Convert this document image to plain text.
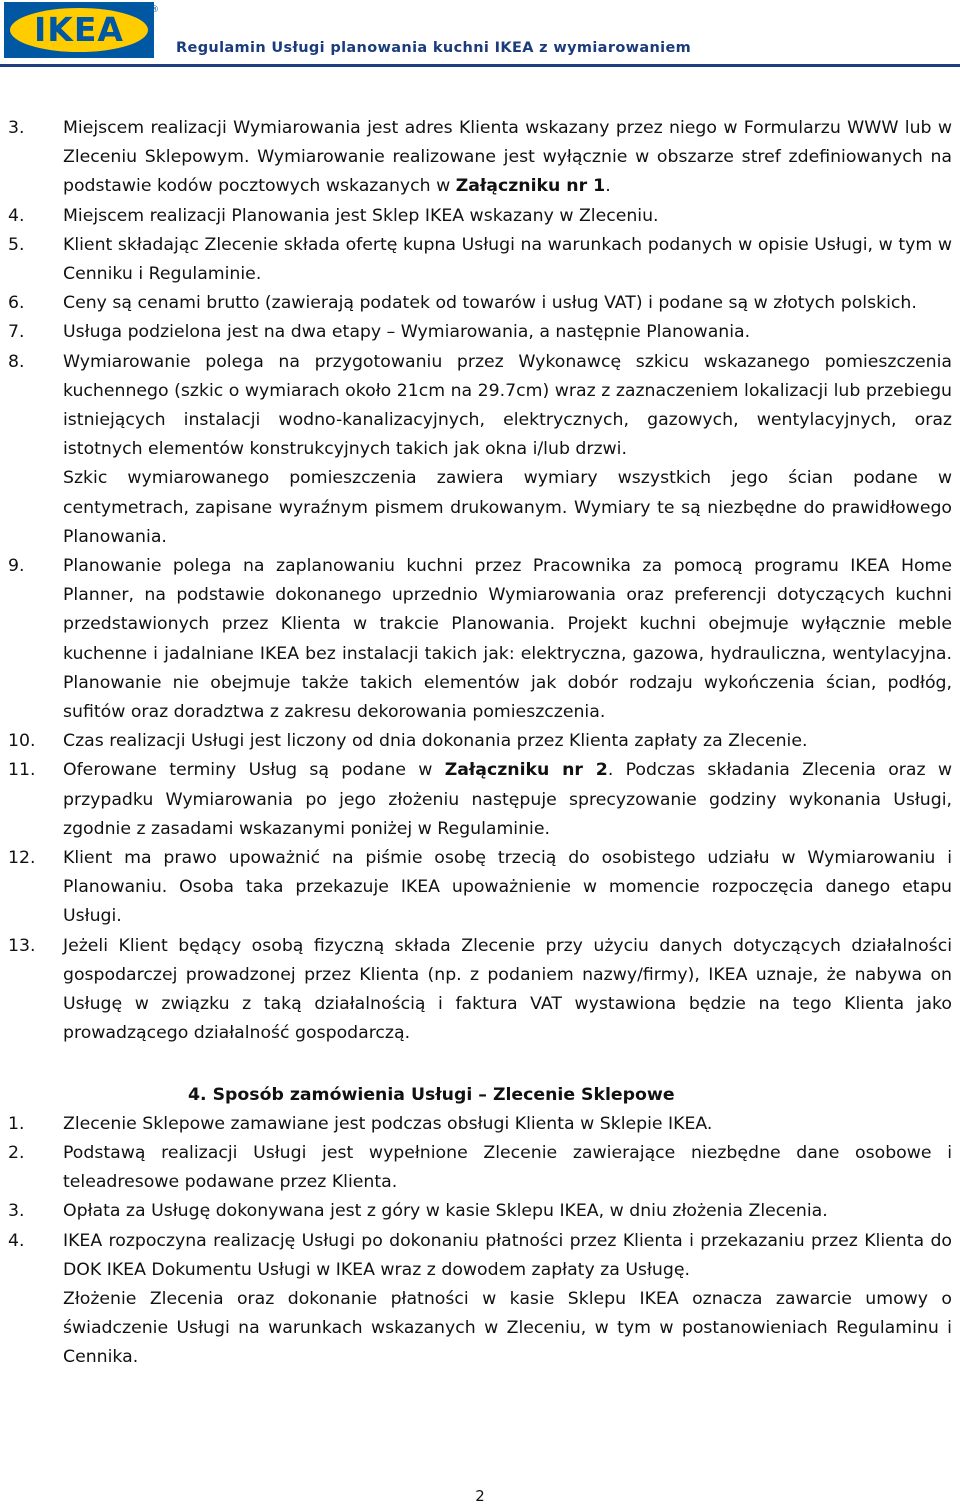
IKEA	®
Regulamin Usługi planowania kuchni IKEA z wymiarowaniem
3. Miejscem realizacji Wymiarowania jest adres Klienta wskazany przez niego w Formularzu WWW lub w Zleceniu Sklepowym. Wymiarowanie realizowane jest wyłącznie w obszarze stref zdefiniowanych na podstawie kodów pocztowych wskazanych w Załączniku nr 1.

4. Miejscem realizacji Planowania jest Sklep IKEA wskazany w Zleceniu.

5. Klient składając Zlecenie składa ofertę kupna Usługi na warunkach podanych w opisie Usługi, w tym w Cenniku i Regulaminie.

6. Ceny są cenami brutto (zawierają podatek od towarów i usług VAT) i podane są w złotych polskich.

7. Usługa podzielona jest na dwa etapy – Wymiarowania, a następnie Planowania.

8. Wymiarowanie polega na przygotowaniu przez Wykonawcę szkicu wskazanego pomieszczenia kuchennego (szkic o wymiarach około 21cm na 29.7cm) wraz z zaznaczeniem lokalizacji lub przebiegu istniejących instalacji wodno-kanalizacyjnych, elektrycznych, gazowych, wentylacyjnych, oraz istotnych elementów konstrukcyjnych takich jak okna i/lub drzwi.

Szkic wymiarowanego pomieszczenia zawiera wymiary wszystkich jego ścian podane w centymetrach, zapisane wyraźnym pismem drukowanym. Wymiary te są niezbędne do prawidłowego Planowania.

9. Planowanie polega na zaplanowaniu kuchni przez Pracownika za pomocą programu IKEA Home Planner, na podstawie dokonanego uprzednio Wymiarowania oraz preferencji dotyczących kuchni przedstawionych przez Klienta w trakcie Planowania. Projekt kuchni obejmuje wyłącznie meble kuchenne i jadalniane IKEA bez instalacji takich jak: elektryczna, gazowa, hydrauliczna, wentylacyjna. Planowanie nie obejmuje także takich elementów jak dobór rodzaju wykończenia ścian, podłóg, sufitów oraz doradztwa z zakresu dekorowania pomieszczenia.

10. Czas realizacji Usługi jest liczony od dnia dokonania przez Klienta zapłaty za Zlecenie.

11. Oferowane terminy Usług są podane w Załączniku nr 2. Podczas składania Zlecenia oraz w przypadku Wymiarowania po jego złożeniu następuje sprecyzowanie godziny wykonania Usługi, zgodnie z zasadami wskazanymi poniżej w Regulaminie.

12. Klient ma prawo upoważnić na piśmie osobę trzecią do osobistego udziału w Wymiarowaniu i Planowaniu. Osoba taka przekazuje IKEA upoważnienie w momencie rozpoczęcia danego etapu Usługi.

13. Jeżeli Klient będący osobą fizyczną składa Zlecenie przy użyciu danych dotyczących działalności gospodarczej prowadzonej przez Klienta (np. z podaniem nazwy/firmy), IKEA uznaje, że nabywa on Usługę w związku z taką działalnością i faktura VAT wystawiona będzie na tego Klienta jako prowadzącego działalność gospodarczą.

4. Sposób zamówienia Usługi – Zlecenie Sklepowe
1. Zlecenie Sklepowe zamawiane jest podczas obsługi Klienta w Sklepie IKEA.

2. Podstawą realizacji Usługi jest wypełnione Zlecenie zawierające niezbędne dane osobowe i teleadresowe podawane przez Klienta.

3. Opłata za Usługę dokonywana jest z góry w kasie Sklepu IKEA, w dniu złożenia Zlecenia.

4. IKEA rozpoczyna realizację Usługi po dokonaniu płatności przez Klienta i przekazaniu przez Klienta do DOK IKEA Dokumentu Usługi w IKEA wraz z dowodem zapłaty za Usługę.

Złożenie Zlecenia oraz dokonanie płatności w kasie Sklepu IKEA oznacza zawarcie umowy o świadczenie Usługi na warunkach wskazanych w Zleceniu, w tym w postanowieniach Regulaminu i Cennika.

2
